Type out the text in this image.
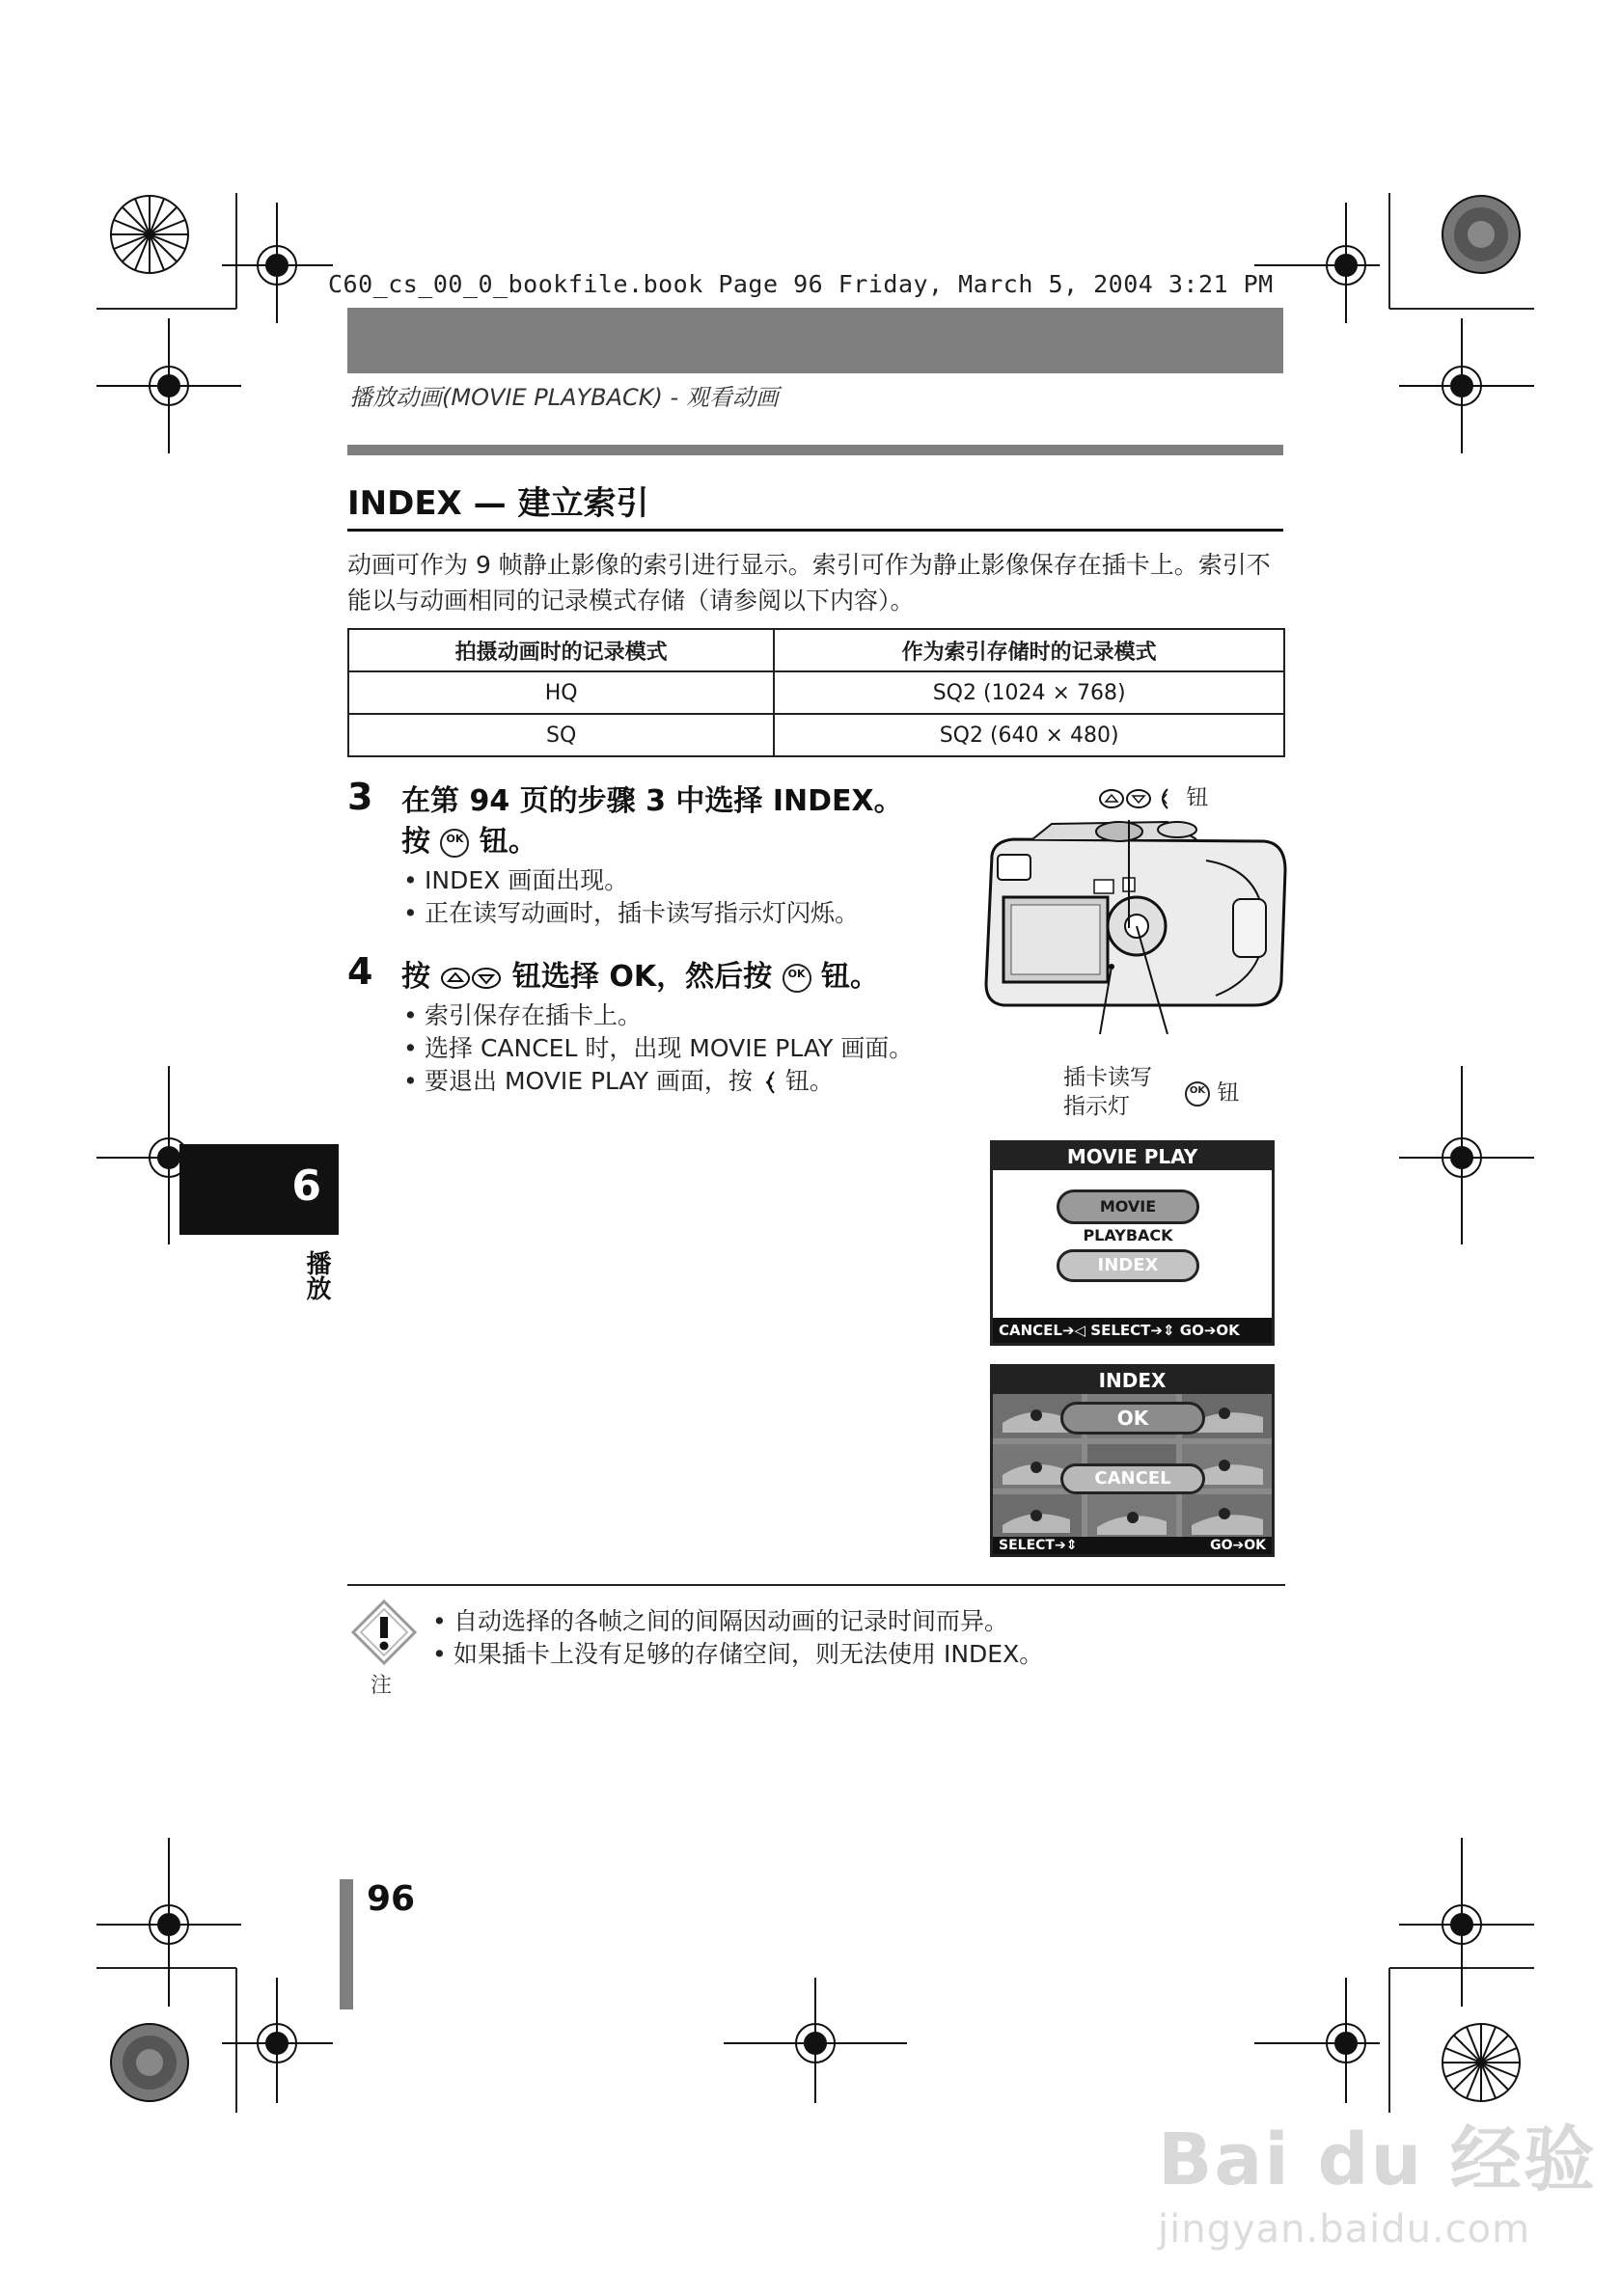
C60_cs_00_0_bookfile.book Page 96 Friday, March 5, 2004 3:21 PM
播放动画(MOVIE PLAYBACK) - 观看动画
INDEX — 建立索引
动画可作为 9 帧静止影像的索引进行显示。索引可作为静止影像保存在插卡上。索引不能以与动画相同的记录模式存储（请参阅以下内容）。
拍摄动画时的记录模式	作为索引存储时的记录模式
HQ	SQ2 (1024 × 768)
SQ	SQ2 (640 × 480)
3 在第 94 页的步骤 3 中选择 INDEX。
按 OK 钮。
• INDEX 画面出现。
• 正在读写动画时，插卡读写指示灯闪烁。
4 按	钮选择 OK，然后按 OK 钮。
• 索引保存在插卡上。
• 选择 CANCEL 时，出现 MOVIE PLAY 画面。
• 要退出 MOVIE PLAY 画面，按 钮。
钮
插卡读写
指示灯
OK 钮
MOVIE PLAY
MOVIE PLAYBACK
INDEX
CANCEL➔◁ SELECT➔⇕ GO➔OK
INDEX
OK
CANCEL
SELECT➔⇕	GO➔OK
6
播放
注
• 自动选择的各帧之间的间隔因动画的记录时间而异。
• 如果插卡上没有足够的存储空间，则无法使用 INDEX。
96
Bai du 经验
jingyan.baidu.com
